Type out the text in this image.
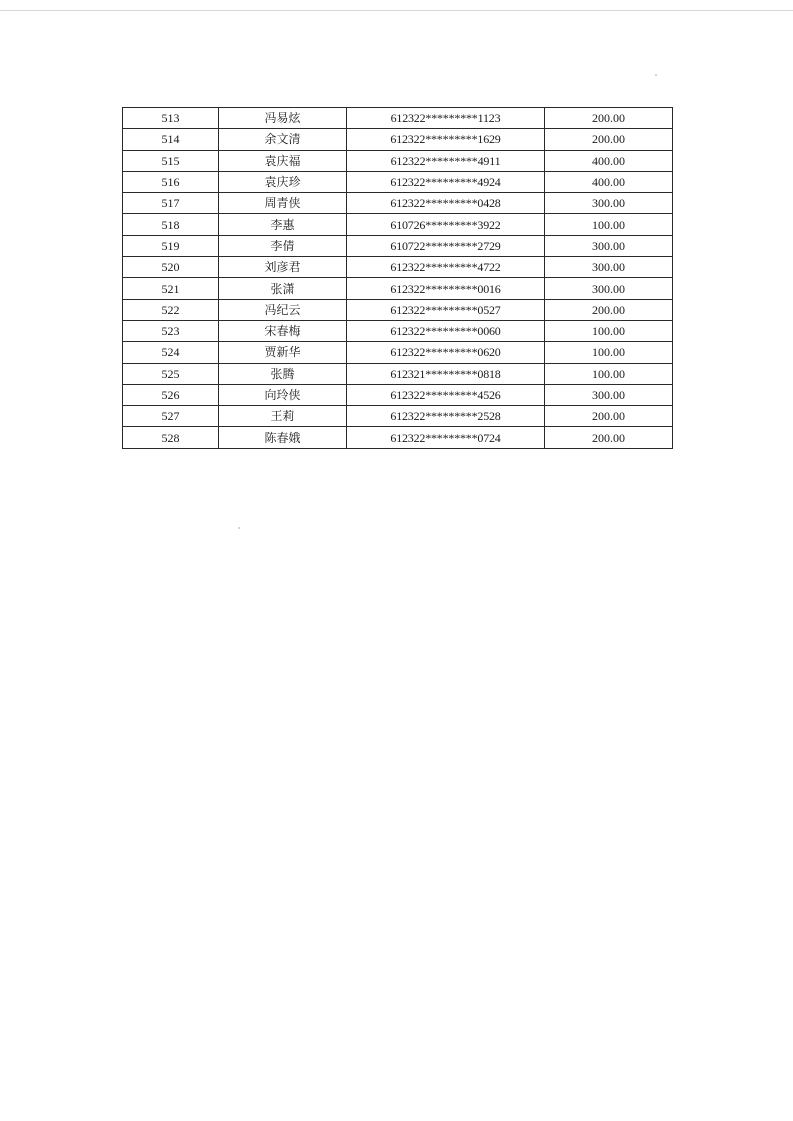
513	冯易炫	612322*********1123	200.00
514	余文清	612322*********1629	200.00
515	袁庆福	612322*********4911	400.00
516	袁庆珍	612322*********4924	400.00
517	周青侠	612322*********0428	300.00
518	李惠	610726*********3922	100.00
519	李倩	610722*********2729	300.00
520	刘彦君	612322*********4722	300.00
521	张潇	612322*********0016	300.00
522	冯纪云	612322*********0527	200.00
523	宋春梅	612322*********0060	100.00
524	贾新华	612322*********0620	100.00
525	张腾	612321*********0818	100.00
526	向玲侠	612322*********4526	300.00
527	王莉	612322*********2528	200.00
528	陈春娥	612322*********0724	200.00
